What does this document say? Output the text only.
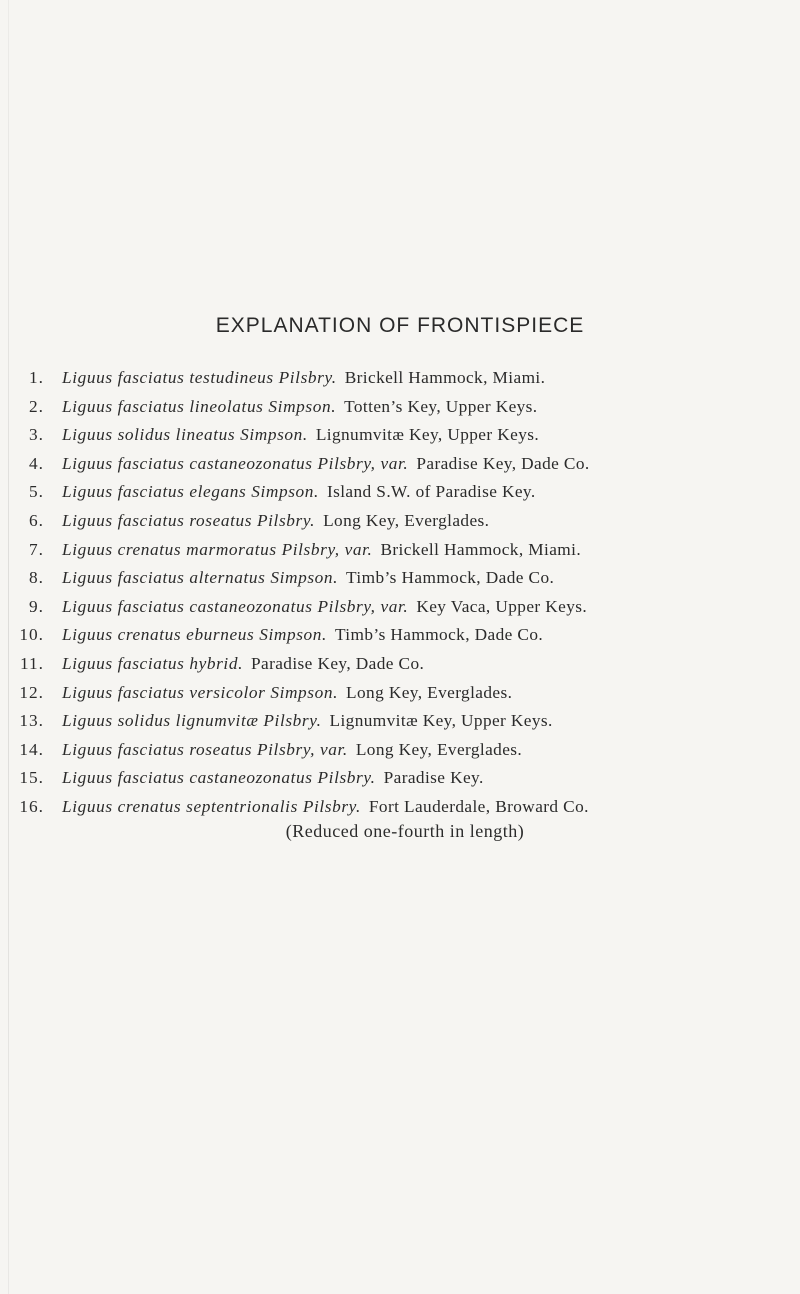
EXPLANATION OF FRONTISPIECE
1.	Liguus fasciatus testudineus Pilsbry. Brickell Hammock, Miami.
2.	Liguus fasciatus lineolatus Simpson. Totten’s Key, Upper Keys.
3.	Liguus solidus lineatus Simpson. Lignumvitæ Key, Upper Keys.
4.	Liguus fasciatus castaneozonatus Pilsbry, var. Paradise Key, Dade Co.
5.	Liguus fasciatus elegans Simpson. Island S.W. of Paradise Key.
6.	Liguus fasciatus roseatus Pilsbry. Long Key, Everglades.
7.	Liguus crenatus marmoratus Pilsbry, var. Brickell Hammock, Miami.
8.	Liguus fasciatus alternatus Simpson. Timb’s Hammock, Dade Co.
9.	Liguus fasciatus castaneozonatus Pilsbry, var. Key Vaca, Upper Keys.
10.	Liguus crenatus eburneus Simpson. Timb’s Hammock, Dade Co.
11.	Liguus fasciatus hybrid. Paradise Key, Dade Co.
12.	Liguus fasciatus versicolor Simpson. Long Key, Everglades.
13.	Liguus solidus lignumvitæ Pilsbry. Lignumvitæ Key, Upper Keys.
14.	Liguus fasciatus roseatus Pilsbry, var. Long Key, Everglades.
15.	Liguus fasciatus castaneozonatus Pilsbry. Paradise Key.
16.	Liguus crenatus septentrionalis Pilsbry. Fort Lauderdale, Broward Co.
(Reduced one-fourth in length)
